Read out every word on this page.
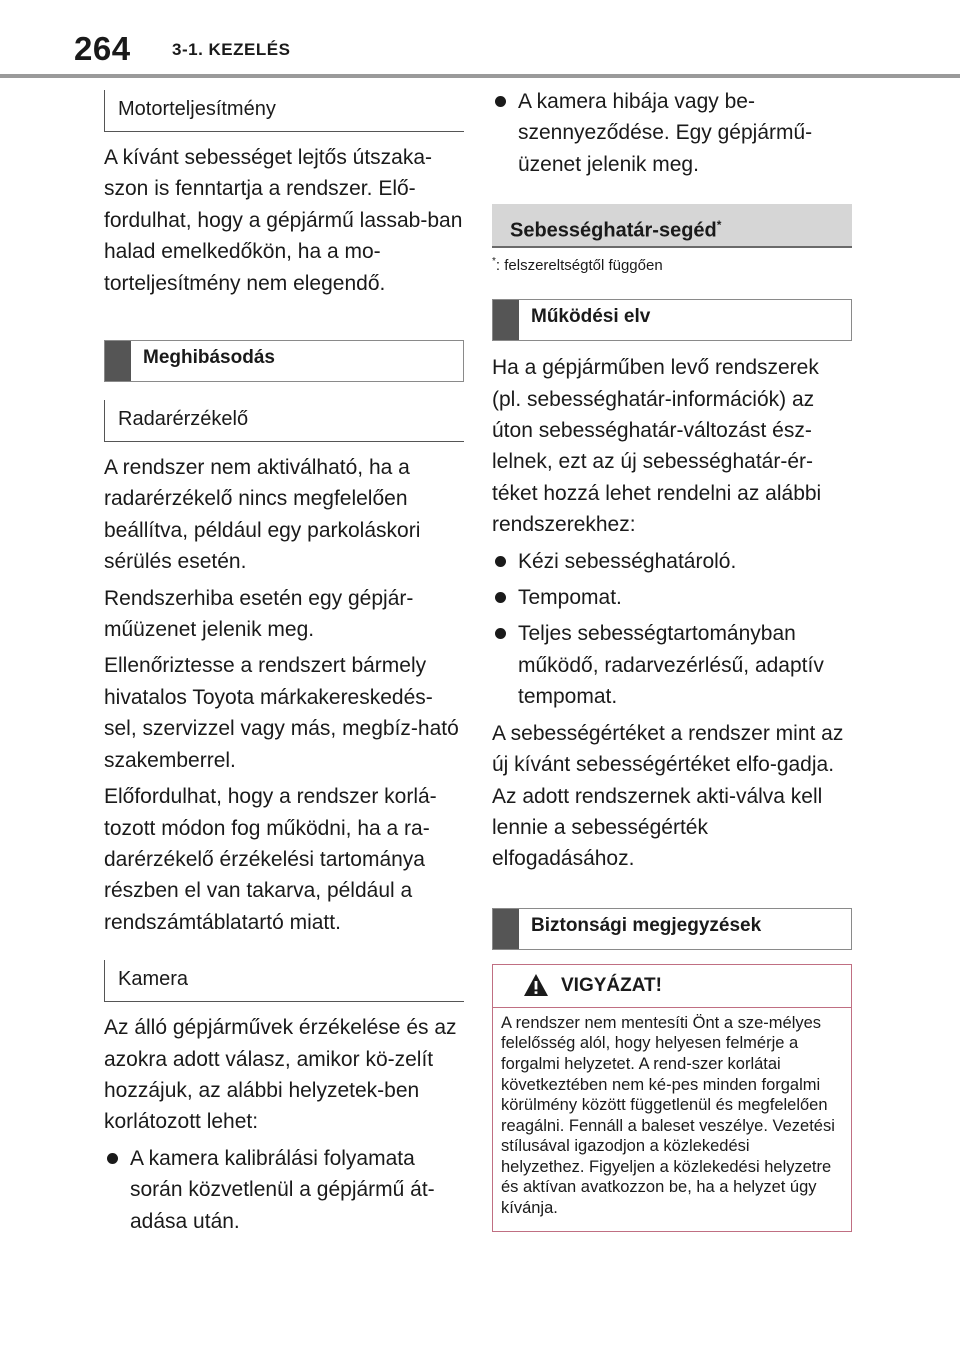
264 3-1. KEZELÉS
Motorteljesítmény

A kívánt sebességet lejtős útszaka-szon is fenntartja a rendszer. Elő-fordulhat, hogy a gépjármű lassab-ban halad emelkedőkön, ha a mo-torteljesítmény nem elegendő.

Meghibásodás
Radarérzékelő

A rendszer nem aktiválható, ha a radarérzékelő nincs megfelelően beállítva, például egy parkoláskori sérülés esetén.

Rendszerhiba esetén egy gépjár-műüzenet jelenik meg.

Ellenőriztesse a rendszert bármely hivatalos Toyota márkakereskedés-sel, szervizzel vagy más, megbíz-ható szakemberrel.

Előfordulhat, hogy a rendszer korlá-tozott módon fog működni, ha a ra-darérzékelő érzékelési tartománya részben el van takarva, például a rendszámtáblatartó miatt.

Kamera

Az álló gépjárművek érzékelése és az azokra adott válasz, amikor kö-zelít hozzájuk, az alábbi helyzetek-ben korlátozott lehet:

A kamera kalibrálási folyamata során közvetlenül a gépjármű át-adása után.
A kamera hibája vagy be-szennyeződése. Egy gépjármű-üzenet jelenik meg.
Sebességhatár-segéd*
*: felszereltségtől függően
Működési elv

Ha a gépjárműben levő rendszerek (pl. sebességhatár-információk) az úton sebességhatár-változást ész-lelnek, ezt az új sebességhatár-ér-téket hozzá lehet rendelni az alábbi rendszerekhez:

Kézi sebességhatároló.
Tempomat.
Teljes sebességtartományban működő, radarvezérlésű, adaptív tempomat.

A sebességértéket a rendszer mint az új kívánt sebességértéket elfo-gadja. Az adott rendszernek akti-válva kell lennie a sebességérték elfogadásához.

Biztonsági megjegyzések
VIGYÁZAT!
A rendszer nem mentesíti Önt a sze-mélyes felelősség alól, hogy helyesen felmérje a forgalmi helyzetet. A rend-szer korlátai következtében nem ké-pes minden forgalmi körülmény között függetlenül és megfelelően reagálni. Fennáll a baleset veszélye. Vezetési stílusával igazodjon a közlekedési helyzethez. Figyeljen a közlekedési helyzetre és aktívan avatkozzon be, ha a helyzet úgy kívánja.
